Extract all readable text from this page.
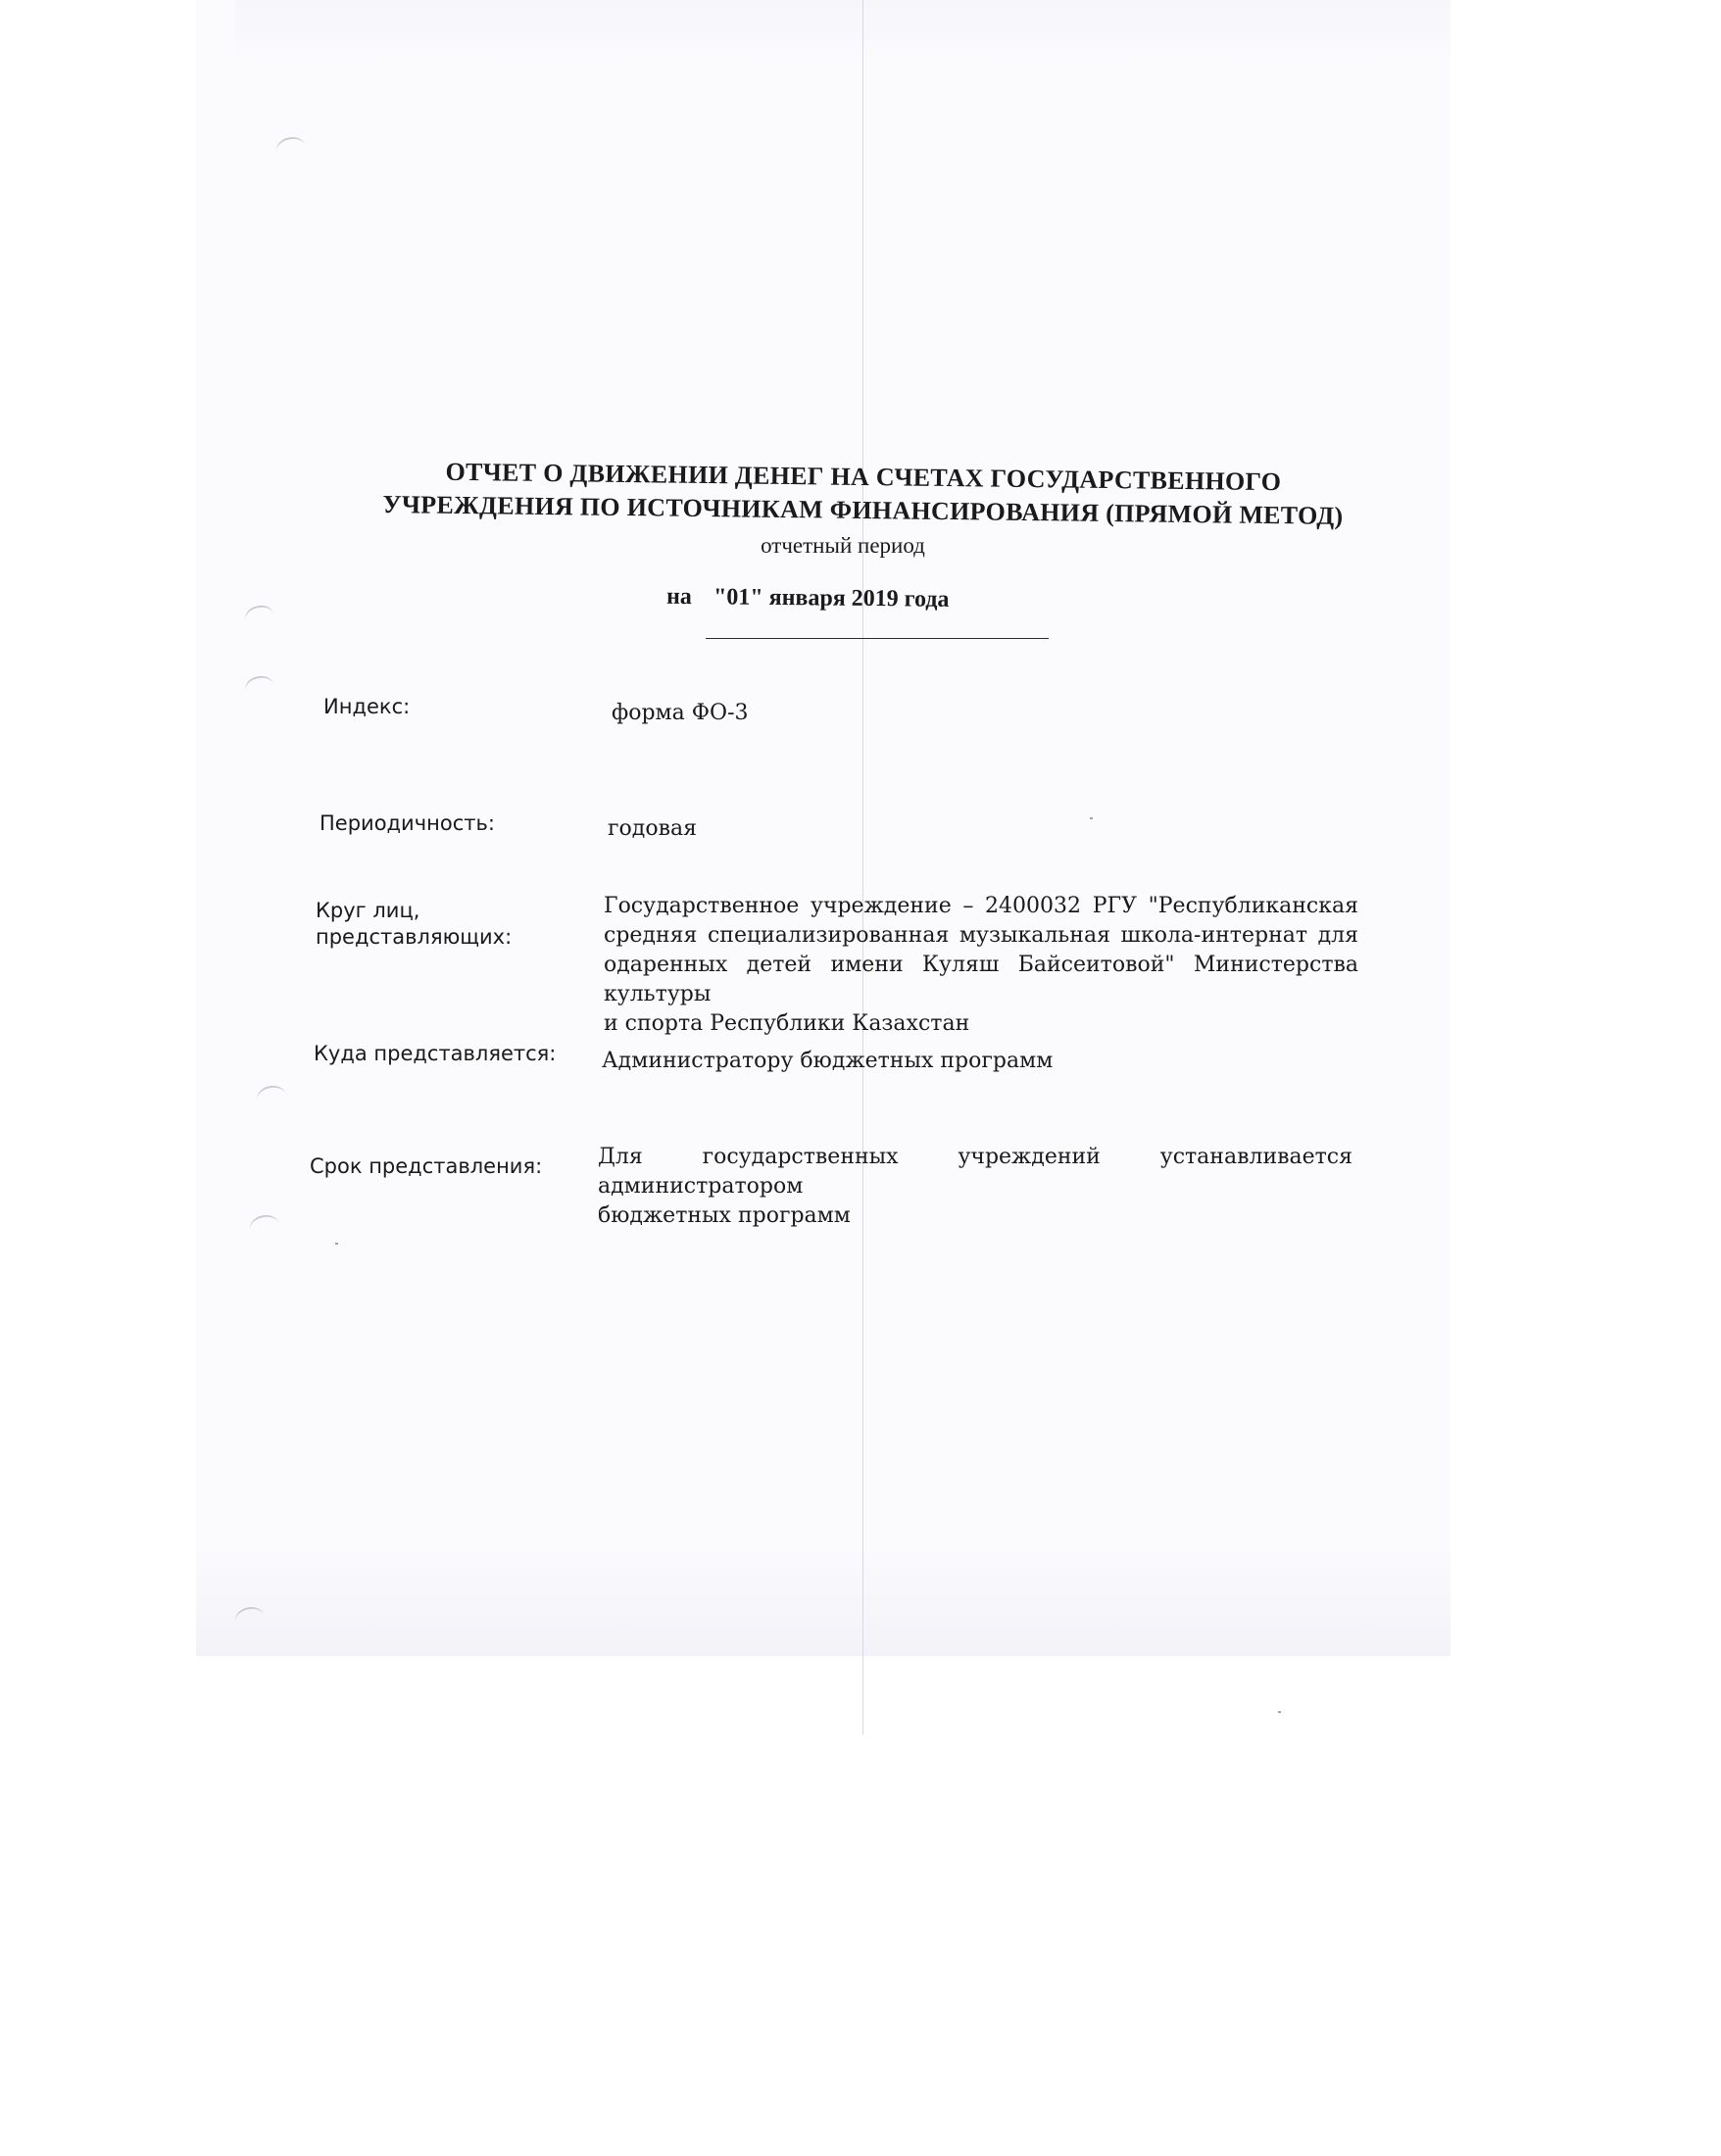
ОТЧЕТ О ДВИЖЕНИИ ДЕНЕГ НА СЧЕТАХ ГОСУДАРСТВЕННОГО
УЧРЕЖДЕНИЯ ПО ИСТОЧНИКАМ ФИНАНСИРОВАНИЯ (ПРЯМОЙ МЕТОД)
отчетный период
на "01" января 2019 года
Индекс:	форма ФО-3
Периодичность:	годовая
Круг лиц,
представляющих:
Государственное учреждение – 2400032 РГУ "Республиканская
средняя специализированная музыкальная школа-интернат для
одаренных детей имени Куляш Байсеитовой" Министерства культуры
и спорта Республики Казахстан
Куда представляется: Администратору бюджетных программ
Срок представления:	Для государственных учреждений устанавливается администратором
бюджетных программ
